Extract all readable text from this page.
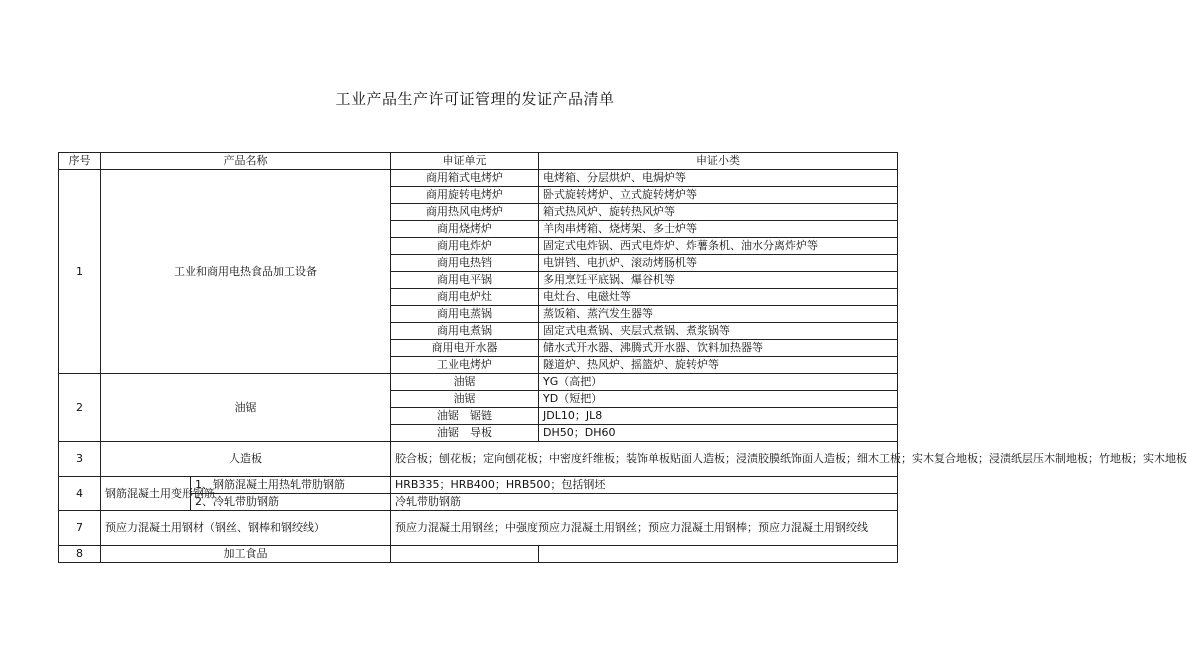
工业产品生产许可证管理的发证产品清单
序号	产品名称		申证单元	申证小类
1	工业和商用电热食品加工设备		商用箱式电烤炉	电烤箱、分层烘炉、电焗炉等
			商用旋转电烤炉	卧式旋转烤炉、立式旋转烤炉等
			商用热风电烤炉	箱式热风炉、旋转热风炉等
			商用烧烤炉	羊肉串烤箱、烧烤架、多士炉等
			商用电炸炉	固定式电炸锅、西式电炸炉、炸薯条机、油水分离炸炉等
			商用电热铛	电饼铛、电扒炉、滚动烤肠机等
			商用电平锅	多用烹饪平底锅、爆谷机等
			商用电炉灶	电灶台、电磁灶等
			商用电蒸锅	蒸饭箱、蒸汽发生器等
			商用电煮锅	固定式电煮锅、夹层式煮锅、煮浆锅等
			商用电开水器	储水式开水器、沸腾式开水器、饮料加热器等
			工业电烤炉	隧道炉、热风炉、摇篮炉、旋转炉等
2	油锯		油锯	YG（高把）
			油锯	YD（短把）
			油锯　锯链	JDL10；JL8
			油锯　导板	DH50；DH60
3	人造板		胶合板；刨花板；定向刨花板；中密度纤维板；装饰单板贴面人造板；浸渍胶膜纸饰面人造板；细木工板；实木复合地板；浸渍纸层压木制地板；竹地板；实木地板	
4	钢筋混凝土用变形钢筋	1、钢筋混凝土用热轧带肋钢筋	HRB335；HRB400；HRB500；包括钢坯	
		2、冷轧带肋钢筋	冷轧带肋钢筋	
7	预应力混凝土用钢材（钢丝、钢棒和钢绞线）		预应力混凝土用钢丝；中强度预应力混凝土用钢丝；预应力混凝土用钢棒；预应力混凝土用钢绞线	
8	加工食品			
